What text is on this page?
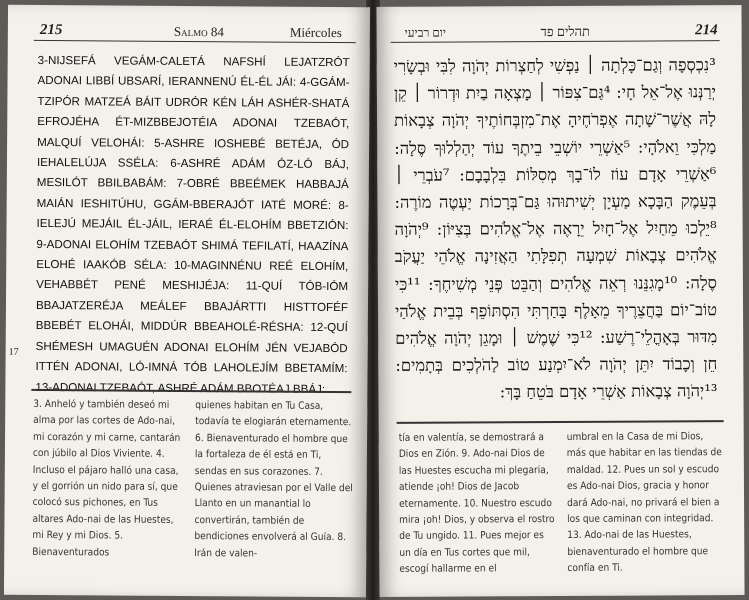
215	Salmo 84	Miércoles
17
3-NIJSEFÁ VEGÁM-CALETÁ NAFSHÍ LEJATZRÓT ADONAI LIBBÍ UBSARÍ, IERANNENÚ ÉL-ÉL JÁI: 4-GGÁM-TZIPÓR MATZEÁ BÁIT UDRÓR KÉN LÁH ASHÉR-SHATÁ EFROJÉHA ÉT-MIZBBEJOTÉIA ADONAI TZEBAÓT, MALQUÍ VELOHÁI: 5-ASHRE IOSHEBÉ BETÉJA, ÓD IEHALELÚJA SSÉLA: 6-ASHRÉ ADÁM ÓZ-LÓ BÁJ, MESILÓT BBILBABÁM: 7-OBRÉ BBEÉMEK HABBAJÁ MAIÁN IESHITÚHU, GGÁM-BBERAJÓT IATÉ MORÉ: 8-IELEJÚ MEJÁIL ÉL-JÁIL, IERAÉ ÉL-ELOHÍM BBETZIÓN: 9-ADONAI ELOHÍM TZEBAÓT SHIMÁ TEFILATÍ, HAAZÍNA ELOHÉ IAAKÓB SÉLA: 10-MAGINNÉNU REÉ ELOHÍM, VEHABBÉT PENÉ MESHIJÉJA: 11-QUÍ TÓB-IÓM BBAJATZERÉJA MEÁLEF BBAJÁRTTI HISTTOFÉF BBEBÉT ELOHÁI, MIDDÚR BBEAHOLÉ-RÉSHA: 12-QUÍ SHÉMESH UMAGUÉN ADONAI ELOHÍM JÉN VEJABÓD ITTÉN ADONAI, LÓ-IMNÁ TÓB LAHOLEJÍM BBETAMÍM: 13-ADONAI TZEBAÓT, ASHRÉ ADÁM BBOTÉAJ BBÁJ:
3. Anheló y también deseó mi alma por las cortes de Ado-nai, mi corazón y mi carne, cantarán con júbilo al Dios Viviente. 4. Incluso el pájaro halló una casa, y el gorrión un nido para sí, que colocó sus pichones, en Tus altares Ado-nai de las Huestes, mi Rey y mi Dios. 5. Bienaventurados
quienes habitan en Tu Casa, todavía te elogiarán eternamente. 6. Bienaventurado el hombre que la fortaleza de él está en Ti, sendas en sus corazones. 7. Quienes atraviesan por el Valle del Llanto en un manantial lo convertirán, también de bendiciones envolverá al Guía. 8. Irán de valen-
יום רביעי	תהלים פד	214
³נִכְסְפָה וְגַם־כָּלְתָה ׀ נַפְשִׁי לְחַצְרוֹת יְהֹוָה לִבִּי וּבְשָׂרִי יְרַנְּנוּ אֶל־אֵל חָי: ⁴גַּם־צִפּוֹר ׀ מָצְאָה בַיִת וּדְרוֹר ׀ קֵן לָהּ אֲשֶׁר־שָׁתָה אֶפְרֹחֶיהָ אֶת־מִזְבְּחוֹתֶיךָ יְהֹוָה צְבָאוֹת מַלְכִּי וֵאלֹהָי: ⁵אַשְׁרֵי יוֹשְׁבֵי בֵיתֶךָ עוֹד יְהַלְלוּךָ סֶּלָה: ⁶אַשְׁרֵי אָדָם עוֹז לוֹ־בָךְ מְסִלּוֹת בִּלְבָבָם: ⁷עֹבְרֵי ׀ בְּעֵמֶק הַבָּכָא מַעְיָן יְשִׁיתוּהוּ גַּם־בְּרָכוֹת יַעְטֶה מוֹרֶה: ⁸יֵלְכוּ מֵחַיִל אֶל־חָיִל יֵרָאֶה אֶל־אֱלֹהִים בְּצִיּוֹן: ⁹יְהֹוָה אֱלֹהִים צְבָאוֹת שִׁמְעָה תְפִלָּתִי הַאֲזִינָה אֱלֹהֵי יַעֲקֹב סֶלָה: ¹⁰מָגִנֵּנוּ רְאֵה אֱלֹהִים וְהַבֵּט פְּנֵי מְשִׁיחֶךָ: ¹¹כִּי טוֹב־יוֹם בַּחֲצֵרֶיךָ מֵאָלֶף בָּחַרְתִּי הִסְתּוֹפֵף בְּבֵית אֱלֹהַי מִדּוּר בְּאָהֳלֵי־רֶשַׁע: ¹²כִּי שֶׁמֶשׁ ׀ וּמָגֵן יְהֹוָה אֱלֹהִים חֵן וְכָבוֹד יִתֵּן יְהֹוָה לֹא־יִמְנַע טוֹב לַהֹלְכִים בְּתָמִים: ¹³יְהֹוָה צְבָאוֹת אַשְׁרֵי אָדָם בֹּטֵחַ בָּךְ:
tía en valentía, se demostrará a Dios en Zión. 9. Ado-nai Dios de las Huestes escucha mi plegaria, atiende ¡oh! Dios de Jacob eternamente. 10. Nuestro escudo mira ¡oh! Dios, y observa el rostro de Tu ungido. 11. Pues mejor es un día en Tus cortes que mil, escogí hallarme en el
umbral en la Casa de mi Dios, más que habitar en las tiendas de maldad. 12. Pues un sol y escudo es Ado-nai Dios, gracia y honor dará Ado-nai, no privará el bien a los que caminan con integridad. 13. Ado-nai de las Huestes, bienaventurado el hombre que confía en Ti.
